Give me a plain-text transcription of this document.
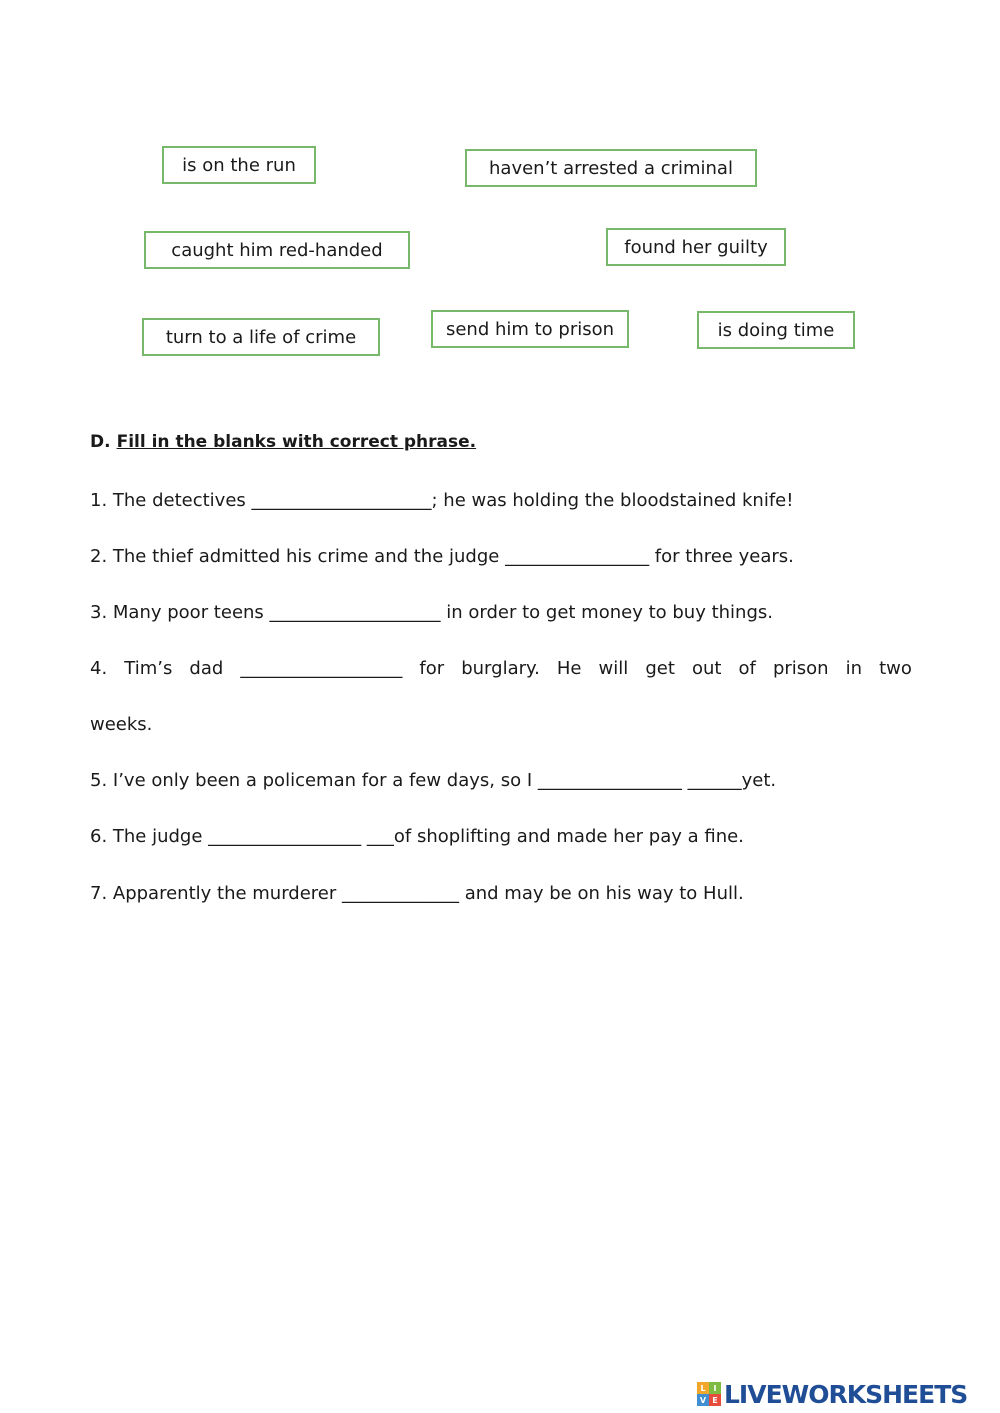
is on the run	haven’t arrested a criminal
caught him red-handed	found her guilty
turn to a life of crime	send him to prison	is doing time
D. Fill in the blanks with correct phrase.
1. The detectives ____________________; he was holding the bloodstained knife!
2. The thief admitted his crime and the judge ________________ for three years.
3. Many poor teens ___________________ in order to get money to buy things.
4. Tim’s dad __________________ for burglary. He will get out of prison in two
weeks.
5. I’ve only been a policeman for a few days, so I ________________ ______yet.
6. The judge _________________ ___of shoplifting and made her pay a fine.
7. Apparently the murderer _____________ and may be on his way to Hull.
L I
V E LIVEWORKSHEETS
